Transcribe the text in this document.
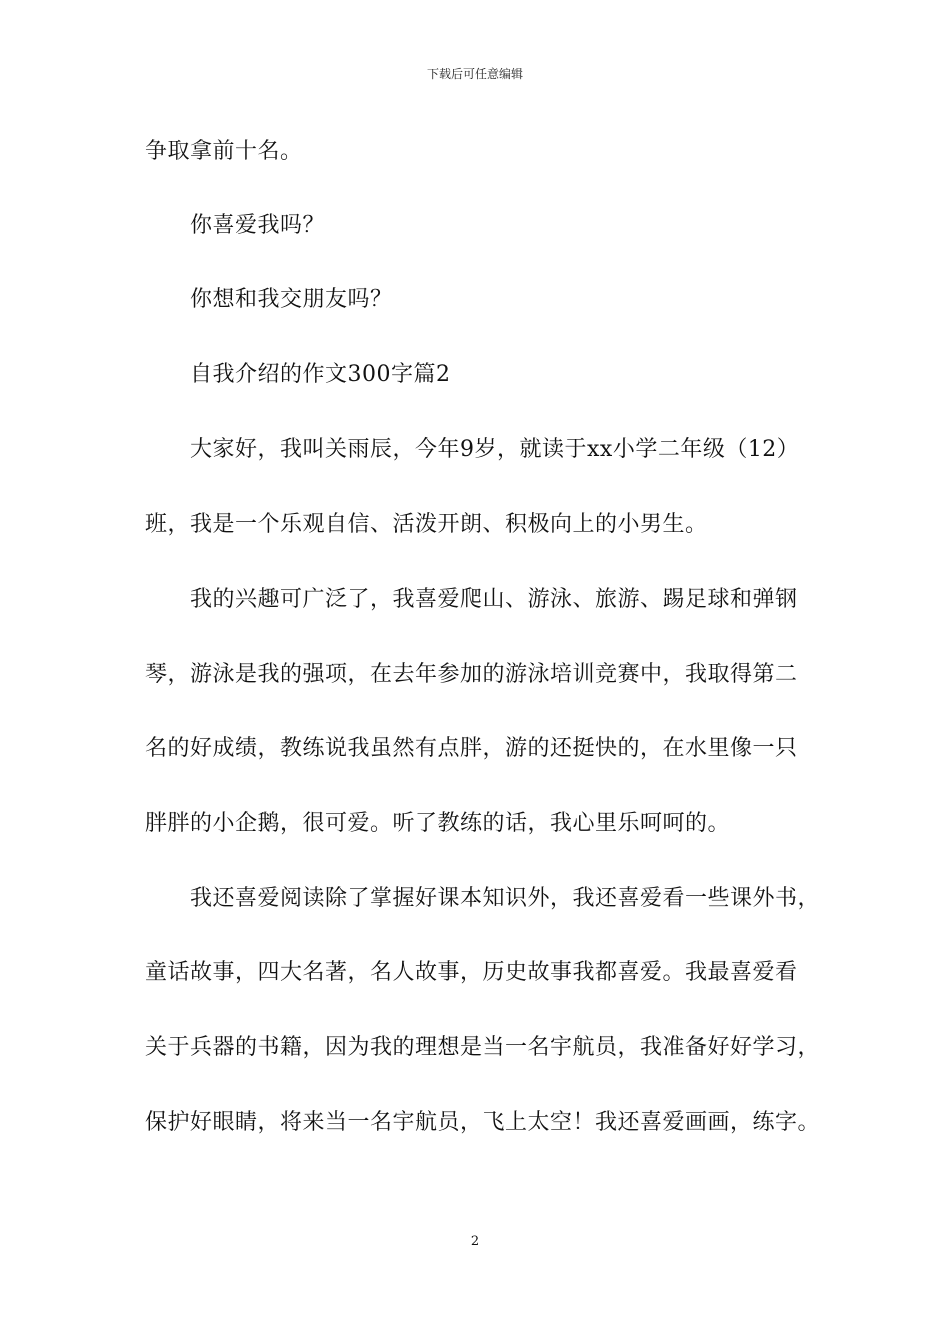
下载后可任意编辑
争取拿前十名。
你喜爱我吗？
你想和我交朋友吗？
自我介绍的作文300字篇2
大家好，我叫关雨辰，今年9岁，就读于xx小学二年级（12）
班，我是一个乐观自信、活泼开朗、积极向上的小男生。
我的兴趣可广泛了，我喜爱爬山、游泳、旅游、踢足球和弹钢
琴，游泳是我的强项，在去年参加的游泳培训竞赛中，我取得第二
名的好成绩，教练说我虽然有点胖，游的还挺快的，在水里像一只
胖胖的小企鹅，很可爱。听了教练的话，我心里乐呵呵的。
我还喜爱阅读除了掌握好课本知识外，我还喜爱看一些课外书，
童话故事，四大名著，名人故事，历史故事我都喜爱。我最喜爱看
关于兵器的书籍，因为我的理想是当一名宇航员，我准备好好学习，
保护好眼睛，将来当一名宇航员，飞上太空！我还喜爱画画，练字。
2
